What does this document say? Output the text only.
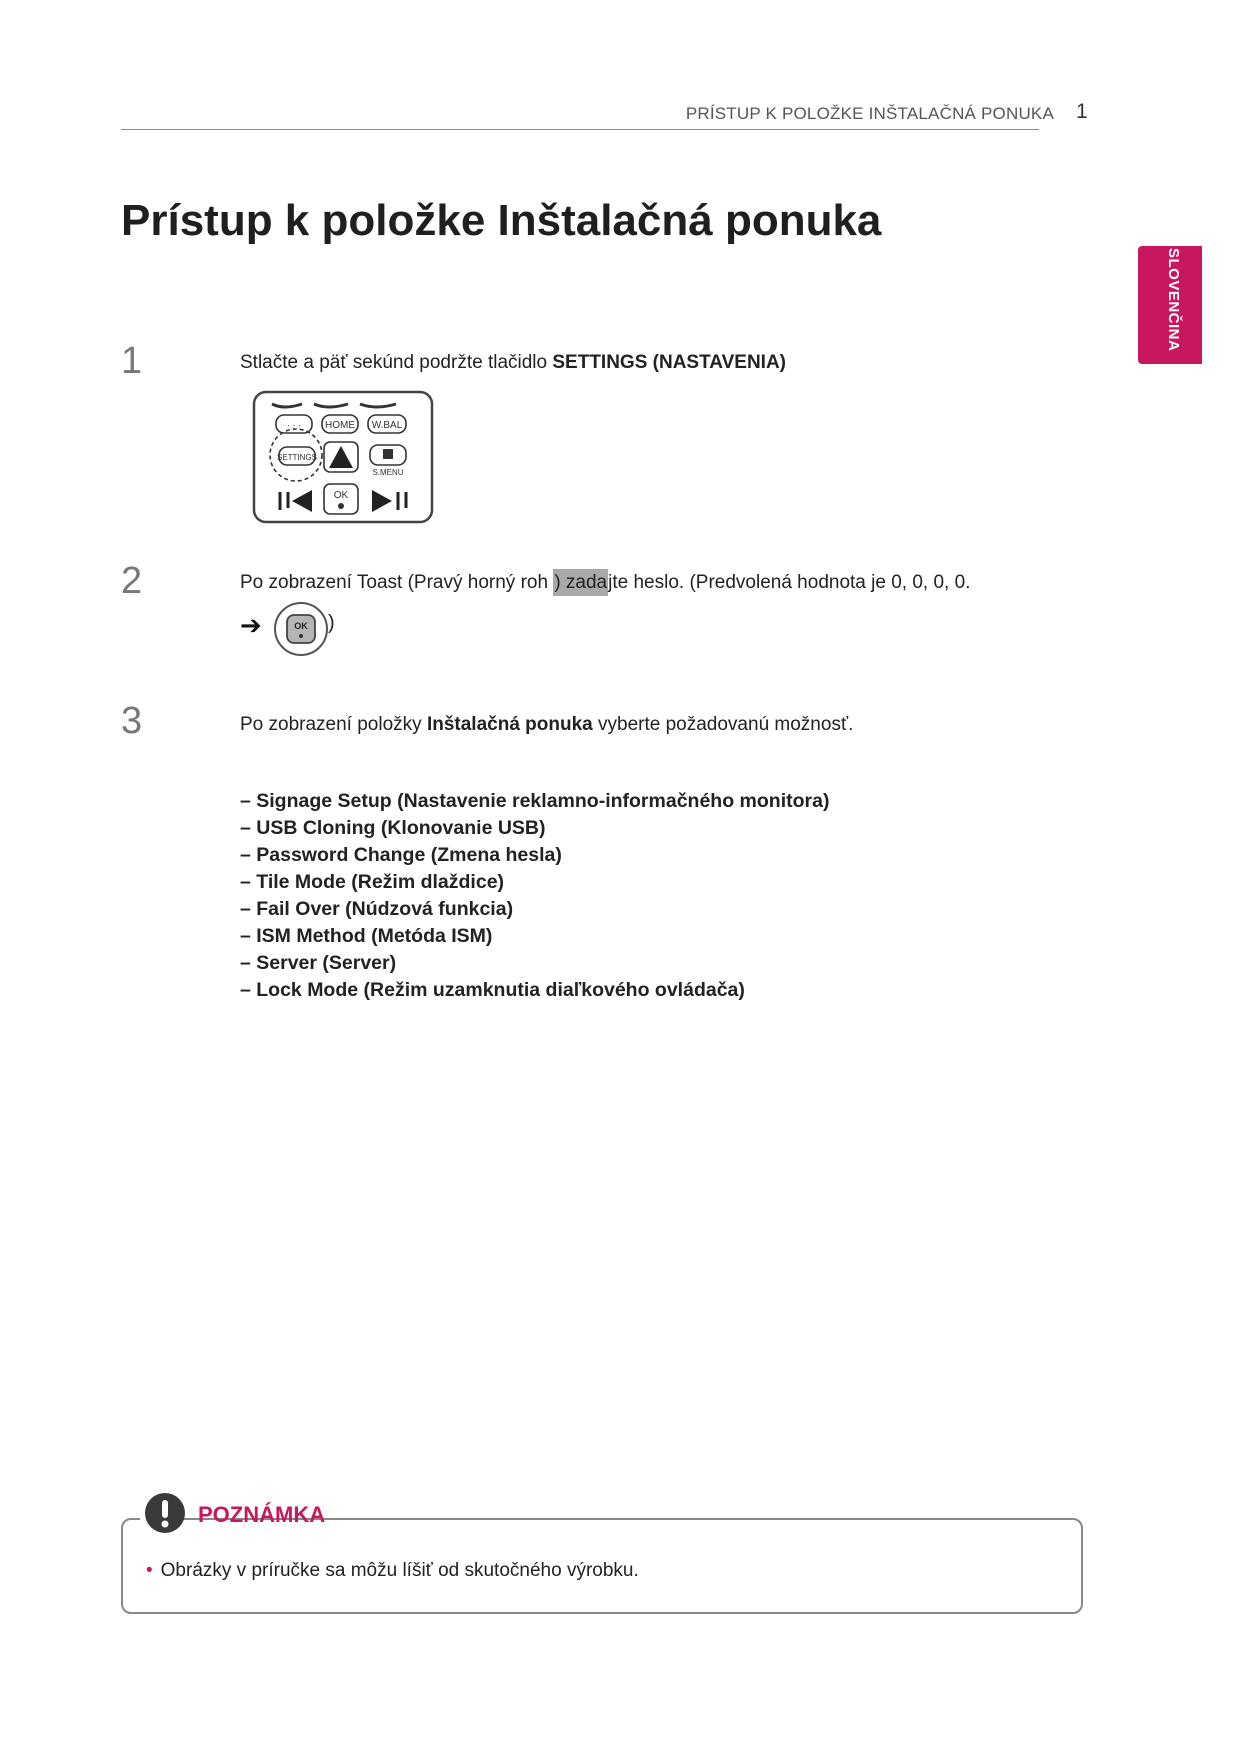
PRÍSTUP K POLOŽKE INŠTALAČNÁ PONUKA 1
SLOVENČINA
Prístup k položke Inštalačná ponuka
1	Stlačte a päť sekúnd podržte tlačidlo SETTINGS (NASTAVENIA)
· · · HOME W.BAL
SETTINGS
S.MENU
OK
2	Po zobrazení Toast (Pravý horný roh ) zadajte heslo. (Predvolená hodnota je 0, 0, 0, 0.
➔	OK )
3	Po zobrazení položky Inštalačná ponuka vyberte požadovanú možnosť.
– Signage Setup (Nastavenie reklamno-informačného monitora)
– USB Cloning (Klonovanie USB)
– Password Change (Zmena hesla)
– Tile Mode (Režim dlaždice)
– Fail Over (Núdzová funkcia)
– ISM Method (Metóda ISM)
– Server (Server)
– Lock Mode (Režim uzamknutia diaľkového ovládača)
POZNÁMKA
• Obrázky v príručke sa môžu líšiť od skutočného výrobku.
